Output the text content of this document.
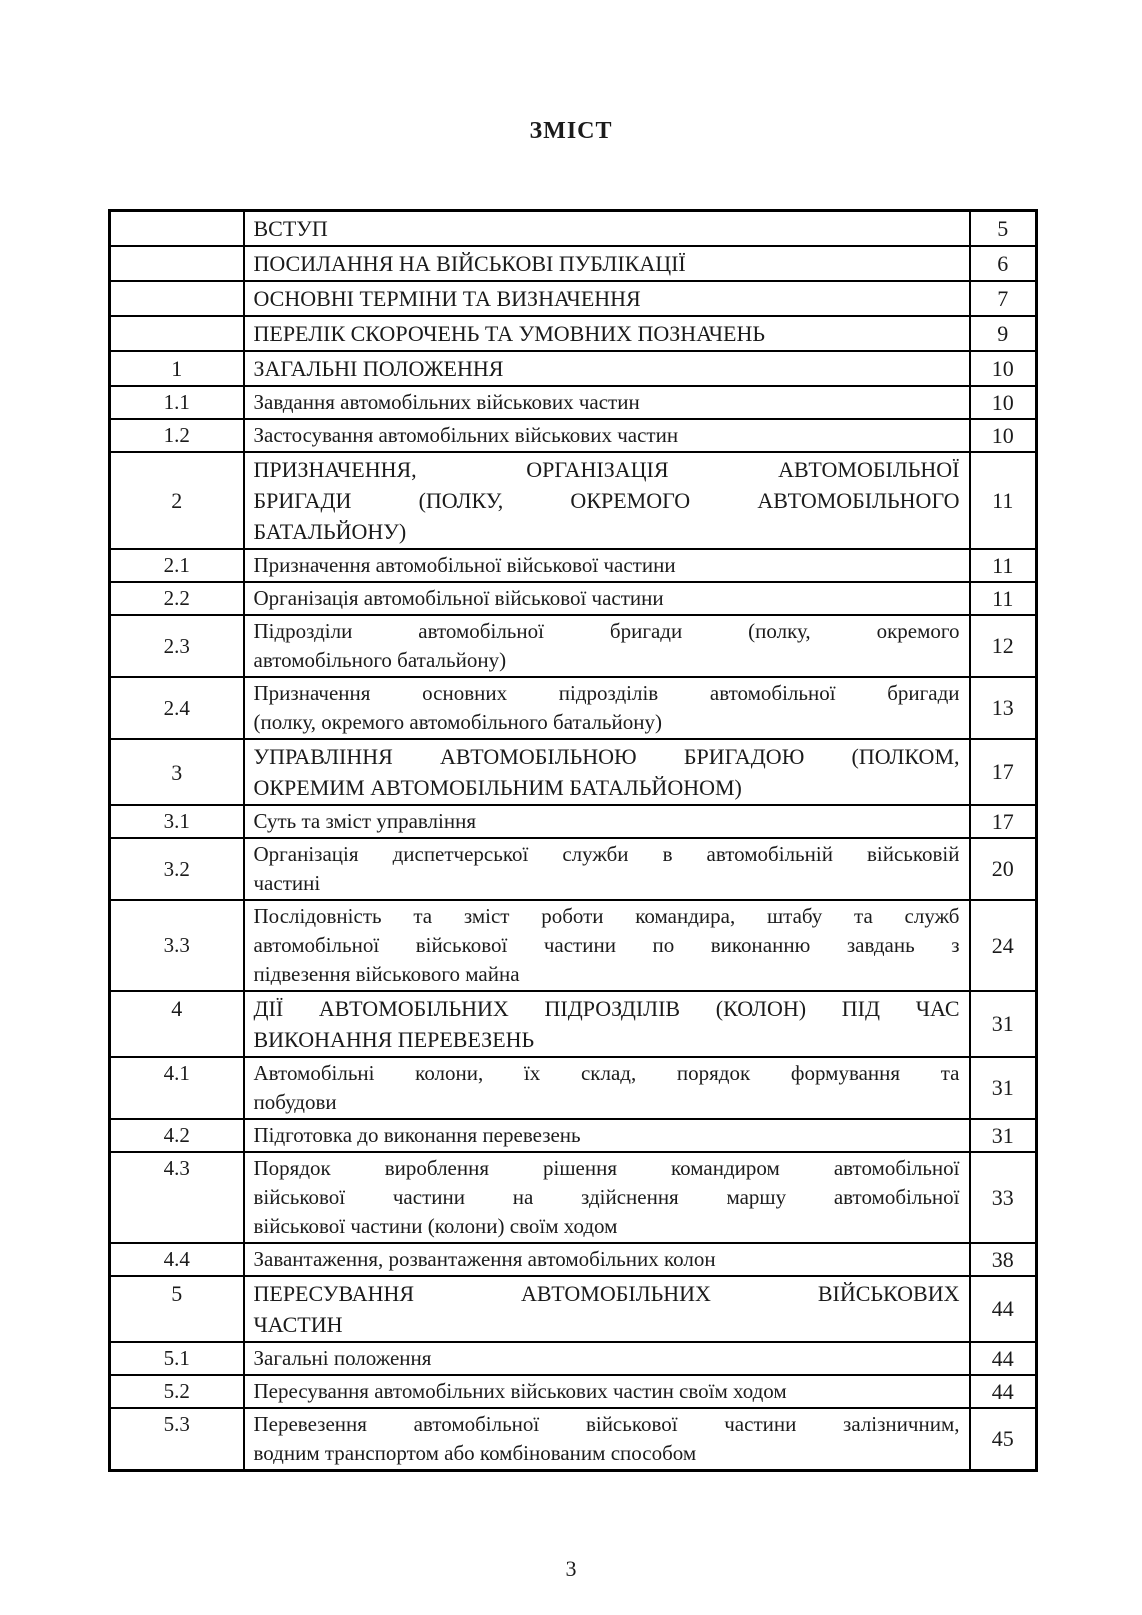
ЗМІСТ

	ВСТУП	5

	ПОСИЛАННЯ НА ВІЙСЬКОВІ ПУБЛІКАЦІЇ	6

	ОСНОВНІ ТЕРМІНИ ТА ВИЗНАЧЕННЯ	7

	ПЕРЕЛІК СКОРОЧЕНЬ ТА УМОВНИХ ПОЗНАЧЕНЬ	9
1	ЗАГАЛЬНІ ПОЛОЖЕННЯ	10
1.1	Завдання автомобільних військових частин	10
1.2	Застосування автомобільних військових частин	10
2	ПРИЗНАЧЕННЯ, ОРГАНІЗАЦІЯ АВТОМОБІЛЬНОЇ
БРИГАДИ (ПОЛКУ, ОКРЕМОГО АВТОМОБІЛЬНОГО
БАТАЛЬЙОНУ)	11
2.1	Призначення автомобільної військової частини	11
2.2	Організація автомобільної військової частини	11
2.3	Підрозділи автомобільної бригади (полку, окремого
автомобільного батальйону)	12
2.4	Призначення основних підрозділів автомобільної бригади
(полку, окремого автомобільного батальйону)	13
3	УПРАВЛІННЯ АВТОМОБІЛЬНОЮ БРИГАДОЮ (ПОЛКОМ,
ОКРЕМИМ АВТОМОБІЛЬНИМ БАТАЛЬЙОНОМ)	17
3.1	Суть та зміст управління	17
3.2	Організація диспетчерської служби в автомобільній військовій
частині	20
3.3	Послідовність та зміст роботи командира, штабу та служб
автомобільної військової частини по виконанню завдань з
підвезення військового майна	24
4	ДІЇ АВТОМОБІЛЬНИХ ПІДРОЗДІЛІВ (КОЛОН) ПІД ЧАС
ВИКОНАННЯ ПЕРЕВЕЗЕНЬ	31
4.1	Автомобільні колони, їх склад, порядок формування та
побудови	31
4.2	Підготовка до виконання перевезень	31
4.3	Порядок вироблення рішення командиром автомобільної
військової частини на здійснення маршу автомобільної
військової частини (колони) своїм ходом	33
4.4	Завантаження, розвантаження автомобільних колон	38
5	ПЕРЕСУВАННЯ АВТОМОБІЛЬНИХ ВІЙСЬКОВИХ
ЧАСТИН	44
5.1	Загальні положення	44
5.2	Пересування автомобільних військових частин своїм ходом	44
5.3	Перевезення автомобільної військової частини залізничним,
водним транспортом або комбінованим способом	45
3
